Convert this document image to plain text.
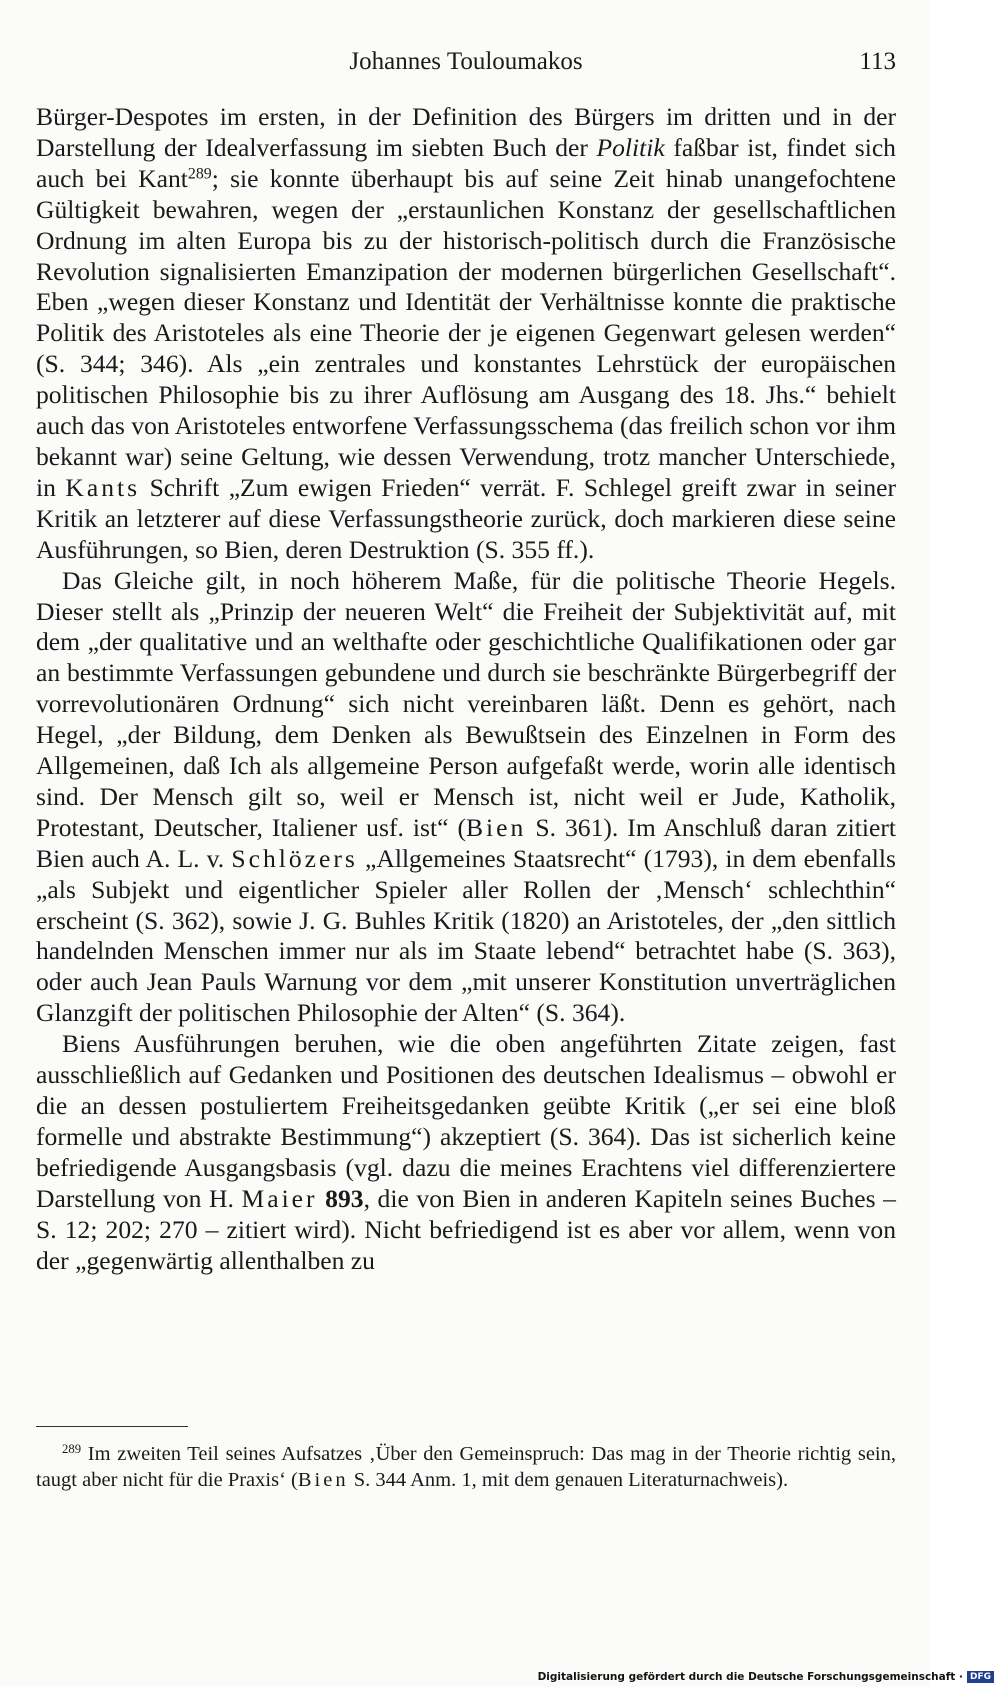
Johannes Touloumakos	113

Bürger-Despotes im ersten, in der Definition des Bürgers im dritten und in der Darstellung der Idealverfassung im siebten Buch der Politik faßbar ist, findet sich auch bei Kant$^{289}$; sie konnte überhaupt bis auf seine Zeit hinab unangefochtene Gültigkeit bewahren, wegen der „erstaunlichen Konstanz der gesellschaftlichen Ordnung im alten Europa bis zu der historisch-politisch durch die Französische Revolution signalisierten Emanzipation der modernen bürgerlichen Gesellschaft“. Eben „wegen dieser Konstanz und Identität der Verhältnisse konnte die praktische Politik des Aristoteles als eine Theorie der je eigenen Gegenwart gelesen werden“ (S. 344; 346). Als „ein zentrales und konstantes Lehrstück der europäischen politischen Philosophie bis zu ihrer Auflösung am Ausgang des 18. Jhs.“ behielt auch das von Aristoteles entworfene Verfassungsschema (das freilich schon vor ihm bekannt war) seine Geltung, wie dessen Verwendung, trotz mancher Unterschiede, in Kants Schrift „Zum ewigen Frieden“ verrät. F. Schlegel greift zwar in seiner Kritik an letzterer auf diese Verfassungstheorie zurück, doch markieren diese seine Ausführungen, so Bien, deren Destruktion (S. 355 ff.).

Das Gleiche gilt, in noch höherem Maße, für die politische Theorie Hegels. Dieser stellt als „Prinzip der neueren Welt“ die Freiheit der Subjektivität auf, mit dem „der qualitative und an welthafte oder geschichtliche Qualifikationen oder gar an bestimmte Verfassungen gebundene und durch sie beschränkte Bürgerbegriff der vorrevolutionären Ordnung“ sich nicht vereinbaren läßt. Denn es gehört, nach Hegel, „der Bildung, dem Denken als Bewußtsein des Einzelnen in Form des Allgemeinen, daß Ich als allgemeine Person aufgefaßt werde, worin alle identisch sind. Der Mensch gilt so, weil er Mensch ist, nicht weil er Jude, Katholik, Protestant, Deutscher, Italiener usf. ist“ (Bien S. 361). Im Anschluß daran zitiert Bien auch A. L. v. Schlözers „Allgemeines Staatsrecht“ (1793), in dem ebenfalls „als Subjekt und eigentlicher Spieler aller Rollen der ‚Mensch‘ schlechthin“ erscheint (S. 362), sowie J. G. Buhles Kritik (1820) an Aristoteles, der „den sittlich handelnden Menschen immer nur als im Staate lebend“ betrachtet habe (S. 363), oder auch Jean Pauls Warnung vor dem „mit unserer Konstitution unverträglichen Glanzgift der politischen Philosophie der Alten“ (S. 364).

Biens Ausführungen beruhen, wie die oben angeführten Zitate zeigen, fast ausschließlich auf Gedanken und Positionen des deutschen Idealismus – obwohl er die an dessen postuliertem Freiheitsgedanken geübte Kritik („er sei eine bloß formelle und abstrakte Bestimmung“) akzeptiert (S. 364). Das ist sicherlich keine befriedigende Ausgangsbasis (vgl. dazu die meines Erachtens viel differenziertere Darstellung von H. Maier 893, die von Bien in anderen Kapiteln seines Buches – S. 12; 202; 270 – zitiert wird). Nicht befriedigend ist es aber vor allem, wenn von der „gegenwärtig allenthalben zu

$^{289}$ Im zweiten Teil seines Aufsatzes ‚Über den Gemeinspruch: Das mag in der Theorie richtig sein, taugt aber nicht für die Praxis‘ (Bien S. 344 Anm. 1, mit dem genauen Literaturnachweis).
Digitalisierung gefördert durch die Deutsche Forschungsgemeinschaft · DFG
